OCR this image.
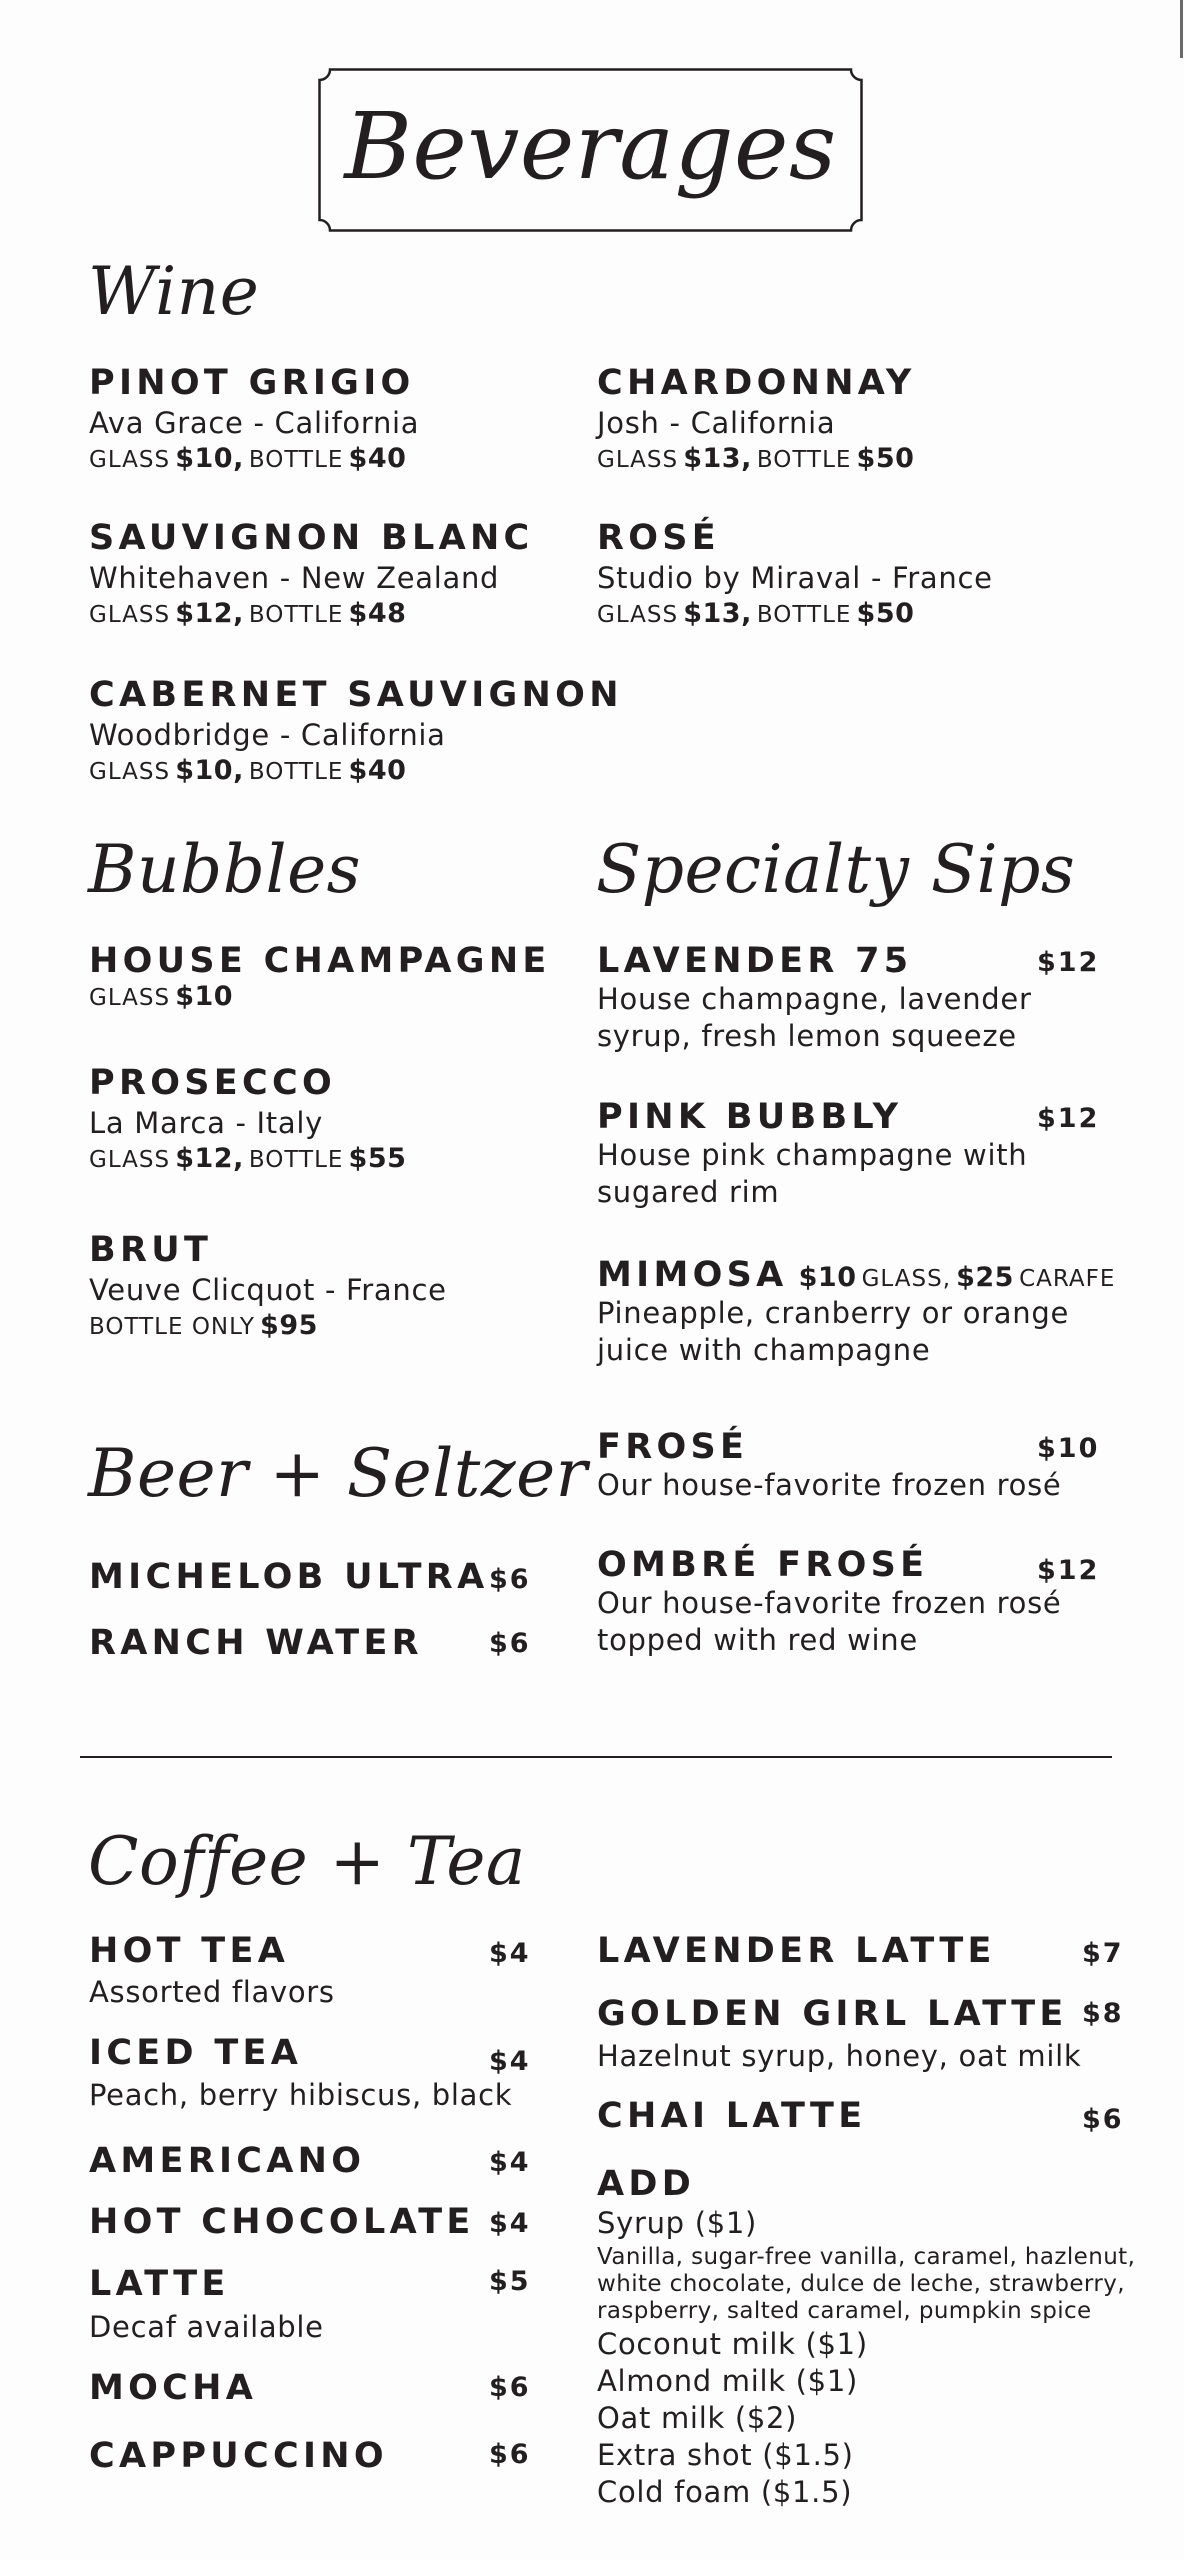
Beverages
Wine
PINOT GRIGIO
Ava Grace - California
GLASS $10, BOTTLE $40
CHARDONNAY
Josh - California
GLASS $13, BOTTLE $50
SAUVIGNON BLANC
Whitehaven - New Zealand
GLASS $12, BOTTLE $48
ROSÉ
Studio by Miraval - France
GLASS $13, BOTTLE $50
CABERNET SAUVIGNON
Woodbridge - California
GLASS $10, BOTTLE $40
Bubbles
HOUSE CHAMPAGNE
GLASS $10
PROSECCO
La Marca - Italy
GLASS $12, BOTTLE $55
BRUT
Veuve Clicquot - France
BOTTLE ONLY $95
Specialty Sips
LAVENDER 75	$12
House champagne, lavender
syrup, fresh lemon squeeze
PINK BUBBLY	$12
House pink champagne with
sugared rim
MIMOSA $10 GLASS, $25 CARAFE
Pineapple, cranberry or orange
juice with champagne
FROSÉ	$10
Our house-favorite frozen rosé
OMBRÉ FROSÉ	$12
Our house-favorite frozen rosé
topped with red wine
Beer + Seltzer
MICHELOB ULTRA $6
RANCH WATER $6
Coffee + Tea
HOT TEA	$4
Assorted flavors
ICED TEA	$4
Peach, berry hibiscus, black
AMERICANO	$4
HOT CHOCOLATE $4
LATTE	$5
Decaf available
MOCHA	$6
CAPPUCCINO	$6
LAVENDER LATTE	$7
GOLDEN GIRL LATTE $8
Hazelnut syrup, honey, oat milk
CHAI LATTE	$6
ADD
Syrup ($1)
Vanilla, sugar-free vanilla, caramel, hazlenut,
white chocolate, dulce de leche, strawberry,
raspberry, salted caramel, pumpkin spice
Coconut milk ($1)
Almond milk ($1)
Oat milk ($2)
Extra shot ($1.5)
Cold foam ($1.5)
